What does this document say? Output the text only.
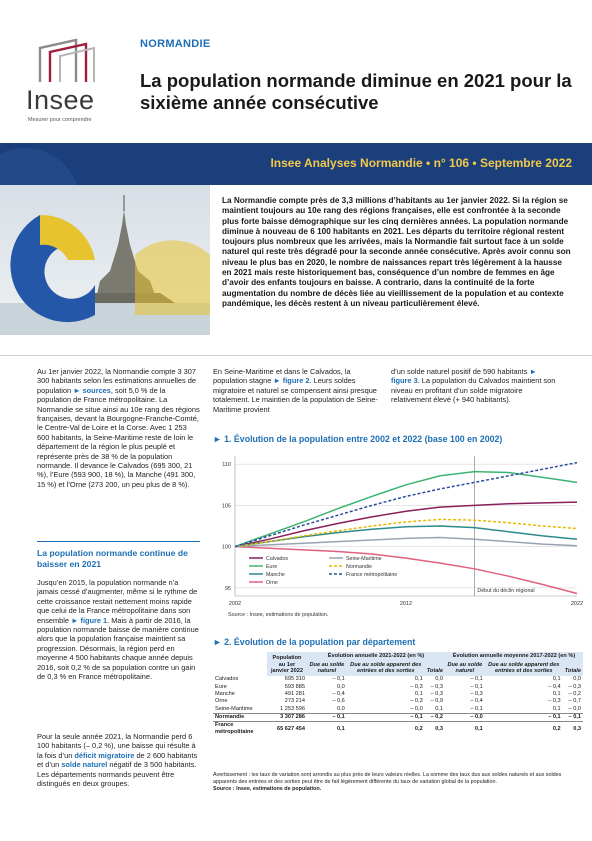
Insee
Mesurer pour comprendre
NORMANDIE
La population normande diminue en 2021 pour la sixième année consécutive
Insee Analyses Normandie • n° 106 • Septembre 2022
La Normandie compte près de 3,3 millions d’habitants au 1er janvier 2022. Si la région se maintient toujours au 10e rang des régions françaises, elle est confrontée à la seconde plus forte baisse démographique sur les cinq dernières années. La population normande diminue à nouveau de 6 100 habitants en 2021. Les départs du territoire régional restent toujours plus nombreux que les arrivées, mais la Normandie fait surtout face à un solde naturel qui reste très dégradé pour la seconde année consécutive. Après avoir connu son niveau le plus bas en 2020, le nombre de naissances repart très légèrement à la hausse en 2021 mais reste historiquement bas, conséquence d’un nombre de femmes en âge d’avoir des enfants toujours en baisse. A contrario, dans la continuité de la forte augmentation du nombre de décès liée au vieillissement de la population et au contexte pandémique, les décès restent à un niveau particulièrement élevé.
Au 1er janvier 2022, la Normandie compte 3 307 300 habitants selon les estimations annuelles de population ► sources, soit 5,0 % de la population de France métropolitaine. La Normandie se situe ainsi au 10e rang des régions françaises, devant la Bourgogne-Franche-Comté, le Centre-Val de Loire et la Corse. Avec 1 253 600 habitants, la Seine-Maritime reste de loin le département de la région le plus peuplé et représente près de 38 % de la population normande. Il devance le Calvados (695 300, 21 %), l’Eure (593 900, 18 %), la Manche (491 300, 15 %) et l’Orne (273 200, un peu plus de 8 %).
La population normande continue de baisser en 2021
Jusqu’en 2015, la population normande n’a jamais cessé d’augmenter, même si le rythme de cette croissance restait nettement moins rapide que celui de la France métropolitaine dans son ensemble ► figure 1. Mais à partir de 2016, la population normande baisse de manière continue alors que la population française maintient sa progression. Désormais, la région perd en moyenne 4 500 habitants chaque année depuis 2016, soit 0,2 % de sa population contre un gain de 0,3 % en France métropolitaine.
Pour la seule année 2021, la Normandie perd 6 100 habitants (– 0,2 %), une baisse qui résulte à la fois d’un déficit migratoire de 2 600 habitants et d’un solde naturel négatif de 3 500 habitants. Les départements normands peuvent être distingués en deux groupes.
En Seine-Maritime et dans le Calvados, la population stagne ► figure 2. Leurs soldes migratoire et naturel se compensent ainsi presque totalement. Le maintien de la population de Seine-Maritime provient
d’un solde naturel positif de 590 habitants ► figure 3. La population du Calvados maintient son niveau en profitant d’un solde migratoire relativement élevé (+ 940 habitants).
► 1. Évolution de la population entre 2002 et 2022 (base 100 en 2002)
95
100
105
110
2002	2012	2022
Début du déclin régional
Calvados
Eure
Manche
Orne
Seine-Maritime
Normandie
France métropolitaine
Source : Insee, estimations de population.
► 2. Évolution de la population par département
	Population
au 1er janvier 2022	Évolution annuelle 2021-2022 (en %)			Évolution annuelle moyenne 2017-2022 (en %)		
		Due au solde naturel	Due au solde apparent des entrées et des sorties	Totale	Due au solde naturel	Due au solde apparent des entrées et des sorties	Totale
Calvados	695 310	– 0,1	0,1	0,0	– 0,1	0,1	0,0
Eure	593 885	0,0	– 0,3	– 0,3	– 0,1	– 0,4	– 0,3
Manche	491 281	– 0,4	0,1	– 0,3	– 0,3	0,1	– 0,2
Orne	273 214	– 0,6	– 0,3	– 0,9	– 0,4	– 0,3	– 0,7
Seine-Maritime	1 253 596	0,0	– 0,0	0,1	– 0,1	0,1	– 0,0
Normandie	3 307 286	– 0,1	– 0,1	– 0,2	– 0,0	– 0,1	– 0,1
France métropolitaine	65 627 454	0,1	0,2	0,3	0,1	0,2	0,3
Avertissement : les taux de variation sont arrondis au plus près de leurs valeurs réelles. La somme des taux dus aux soldes naturels et aux soldes apparents des entrées et des sorties peut être de fait légèrement différente du taux de variation global de la population.
Source : Insee, estimations de population.
